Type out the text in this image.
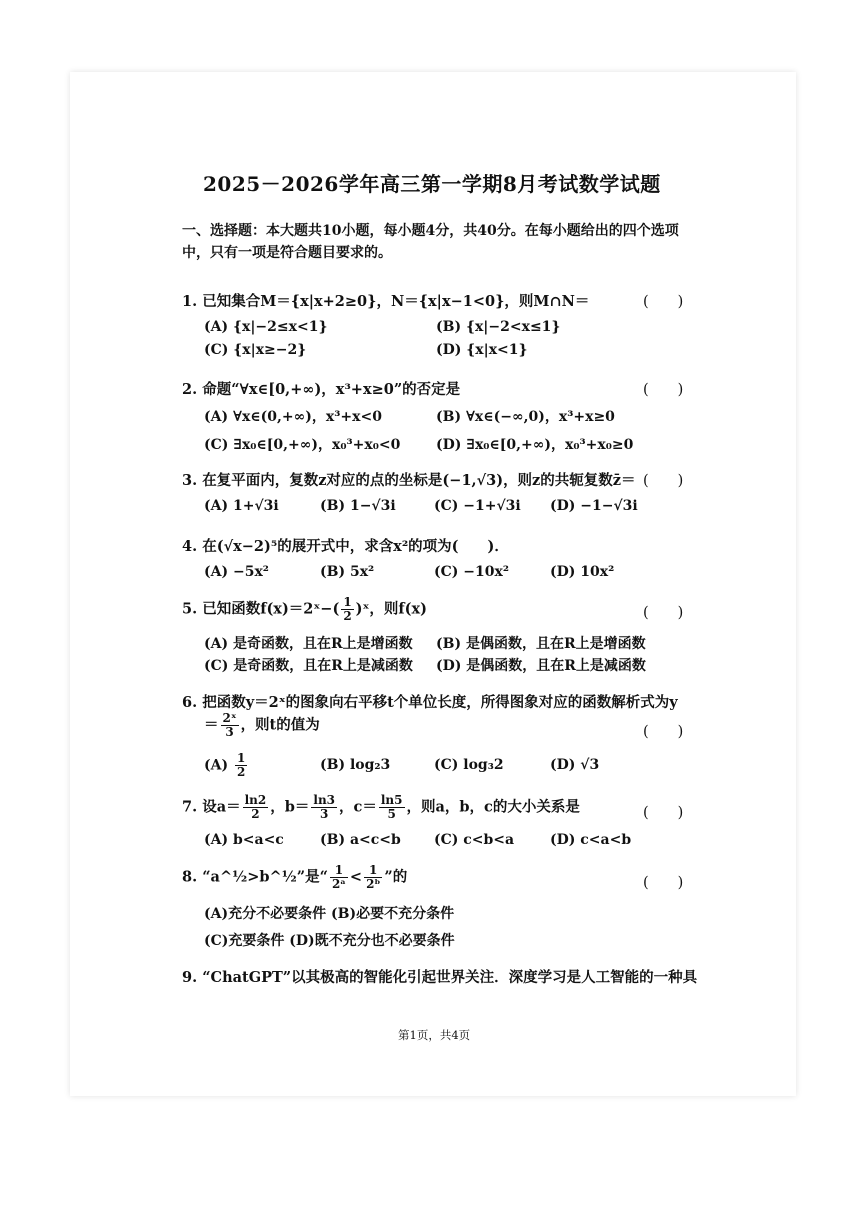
2025－2026学年高三第一学期8月考试数学试题
一、选择题：本大题共10小题，每小题4分，共40分。在每小题给出的四个选项
中，只有一项是符合题目要求的。
1. 已知集合M＝{x|x+2≥0}，N＝{x|x−1<0}，则M∩N＝	(　　)
(A) {x|−2≤x<1}	(B) {x|−2<x≤1}
(C) {x|x≥−2}	(D) {x|x<1}
2. 命题“∀x∈[0,+∞)，x³+x≥0”的否定是	(　　)
(A) ∀x∈(0,+∞)，x³+x<0	(B) ∀x∈(−∞,0)，x³+x≥0
(C) ∃x₀∈[0,+∞)，x₀³+x₀<0	(D) ∃x₀∈[0,+∞)，x₀³+x₀≥0
3. 在复平面内，复数z对应的点的坐标是(−1,√3)，则z的共轭复数z̄＝ (　　)
(A) 1+√3i	(B) 1−√3i	(C) −1+√3i (D) −1−√3i
4. 在(√x−2)⁵的展开式中，求含x²的项为(　　)．
(A) −5x²	(B) 5x²	(C) −10x²	(D) 10x²
5. 已知函数f(x)＝2ˣ−( $\frac{1}{2}$ )ˣ，则f(x)	(　　)
(A) 是奇函数，且在R上是增函数 (B) 是偶函数，且在R上是增函数
(C) 是奇函数，且在R上是减函数 (D) 是偶函数，且在R上是减函数
6. 把函数y＝2ˣ的图象向右平移t个单位长度，所得图象对应的函数解析式为y
＝ $\frac{\text{2ˣ}}{3}$ ，则t的值为	(　　)
$(A) \frac{1}{2}$	(B) log₂3	(C) log₃2	(D) √3
7. 设$a= \frac{\ln 2}{2}$ ，$b= \frac{\ln 3}{3}$ ，$c= \frac{\ln 5}{5}$ ，则a，b，c的大小关系是	(　　)
(A) b<a<c	(B) a<c<b (C) c<b<a	(D) c<a<b
8. “a^½>b^½”是“ $\frac{1}{\text{2ᵃ}} < \frac{1}{\text{2ᵇ}}$ ”的	(　　)
(A)充分不必要条件 (B)必要不充分条件
(C)充要条件 (D)既不充分也不必要条件
9. “ChatGPT”以其极高的智能化引起世界关注．深度学习是人工智能的一种具
第1页，共4页
